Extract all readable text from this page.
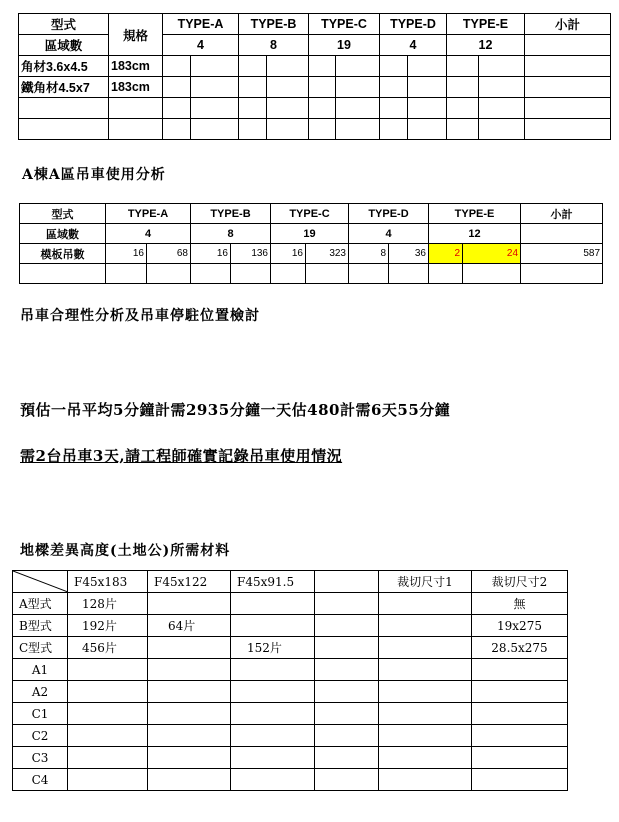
型式	規格	TYPE-A		TYPE-B		TYPE-C		TYPE-D		TYPE-E		小計
區域數		4		8		19		4		12		
角材3.6x4.5	183cm											
鐵角材4.5x7	183cm											

A棟A區吊車使用分析
型式	TYPE-A		TYPE-B		TYPE-C		TYPE-D		TYPE-E		小計
區域數	4		8		19		4		12		
模板吊數	16	68	16	136	16	323	8	36	2	24	587

吊車合理性分析及吊車停駐位置檢討
預估一吊平均5分鐘計需2935分鐘一天估480計需6天55分鐘
需2台吊車3天,請工程師確實記錄吊車使用情況
地樑差異高度(土地公)所需材料
	F45x183	F45x122	F45x91.5		裁切尺寸1	裁切尺寸2
A型式	128片					無
B型式	192片	64片				19x275
C型式	456片		152片			28.5x275
A1						
A2						
C1						
C2						
C3						
C4						
